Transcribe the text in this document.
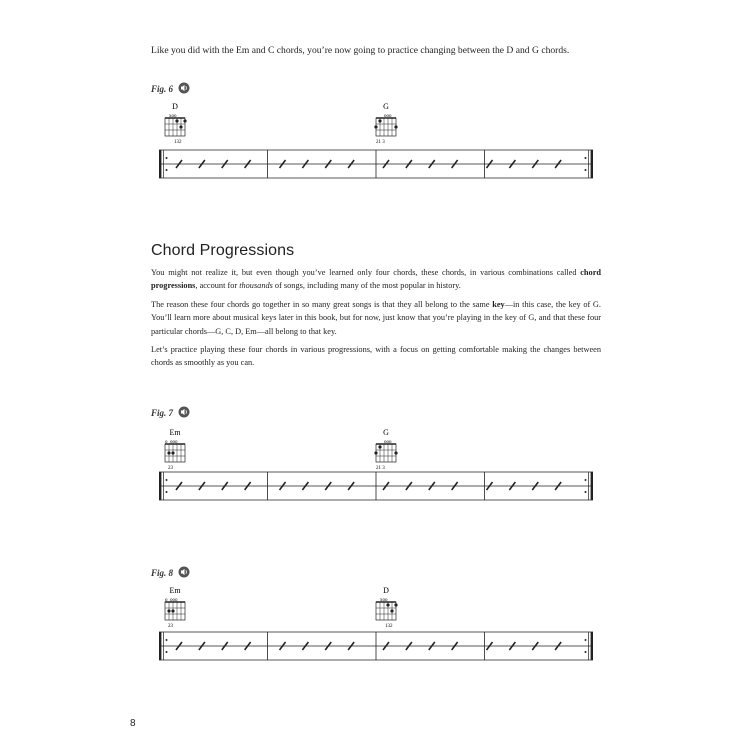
Like you did with the Em and C chords, you’re now going to practice changing between the D and G chords.
Fig. 6
D
xoo
132
G
ooo
21 3
Chord Progressions
You might not realize it, but even though you’ve learned only four chords, these chords, in various combinations called chord progressions, account for thousands of songs, including many of the most popular in history.
The reason these four chords go together in so many great songs is that they all belong to the same key—in this case, the key of G. You’ll learn more about musical keys later in this book, but for now, just know that you’re playing in the key of G, and that these four particular chords—G, C, D, Em—all belong to that key.
Let’s practice playing these four chords in various progressions, with a focus on getting comfortable making the changes between chords as smoothly as you can.
Fig. 7
Em
o  ooo
23
G
ooo
21 3
Fig. 8
Em
o  ooo
23
D
xoo
132
8
